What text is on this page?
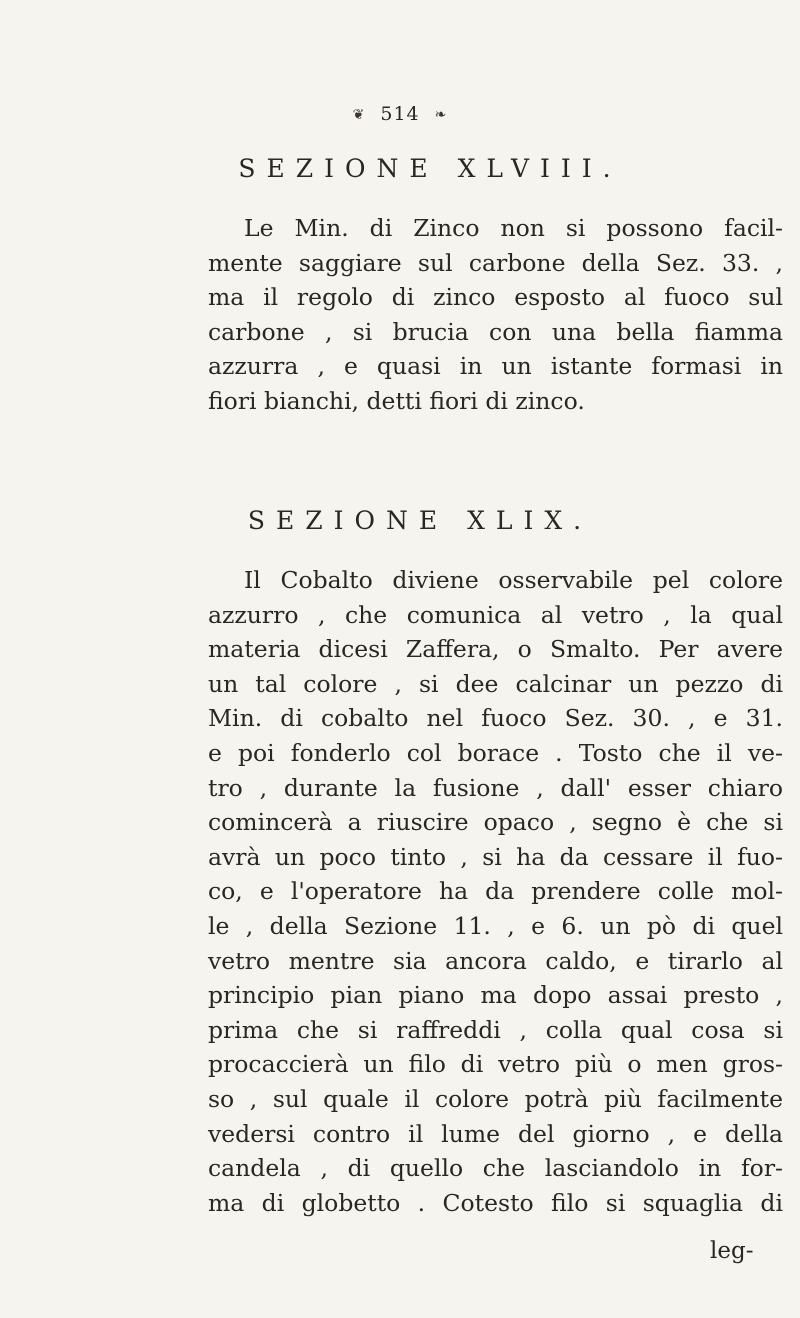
❦ 514 ❧
SEZIONE XLVIII.
Le Min. di Zinco non si possono facil-
mente saggiare sul carbone della Sez. 33. ,
ma il regolo di zinco esposto al fuoco sul
carbone , si brucia con una bella fiamma
azzurra , e quasi in un istante formasi in
fiori bianchi, detti fiori di zinco.
SEZIONE XLIX.
Il Cobalto diviene osservabile pel colore
azzurro , che comunica al vetro , la qual
materia dicesi Zaffera, o Smalto. Per avere
un tal colore , si dee calcinar un pezzo di
Min. di cobalto nel fuoco Sez. 30. , e 31.
e poi fonderlo col borace . Tosto che il ve-
tro , durante la fusione , dall' esser chiaro
comincerà a riuscire opaco , segno è che si
avrà un poco tinto , si ha da cessare il fuo-
co, e l'operatore ha da prendere colle mol-
le , della Sezione 11. , e 6. un pò di quel
vetro mentre sia ancora caldo, e tirarlo al
principio pian piano ma dopo assai presto ,
prima che si raffreddi , colla qual cosa si
procaccierà un filo di vetro più o men gros-
so , sul quale il colore potrà più facilmente
vedersi contro il lume del giorno , e della
candela , di quello che lasciandolo in for-
ma di globetto . Cotesto filo si squaglia di
leg-
